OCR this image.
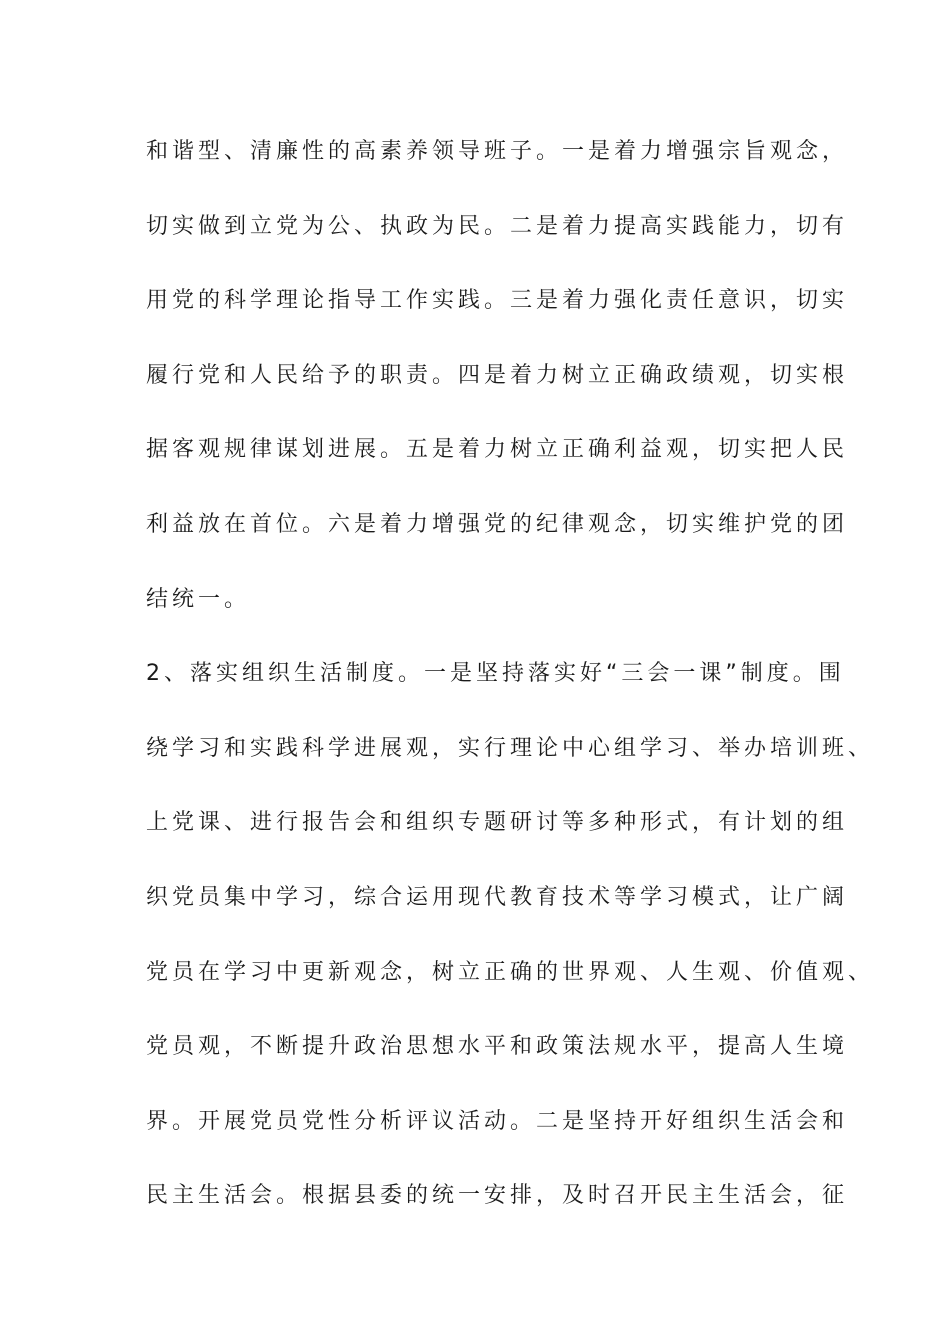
和谐型、清廉性的高素养领导班子。一是着力增强宗旨观念，
切实做到立党为公、执政为民。二是着力提高实践能力，切有
用党的科学理论指导工作实践。三是着力强化责任意识，切实
履行党和人民给予的职责。四是着力树立正确政绩观，切实根
据客观规律谋划进展。五是着力树立正确利益观，切实把人民
利益放在首位。六是着力增强党的纪律观念，切实维护党的团
结统一。
2、落实组织生活制度。一是坚持落实好“三会一课”制度。围
绕学习和实践科学进展观，实行理论中心组学习、举办培训班、
上党课、进行报告会和组织专题研讨等多种形式，有计划的组
织党员集中学习，综合运用现代教育技术等学习模式，让广阔
党员在学习中更新观念，树立正确的世界观、人生观、价值观、
党员观，不断提升政治思想水平和政策法规水平，提高人生境
界。开展党员党性分析评议活动。二是坚持开好组织生活会和
民主生活会。根据县委的统一安排，及时召开民主生活会，征
